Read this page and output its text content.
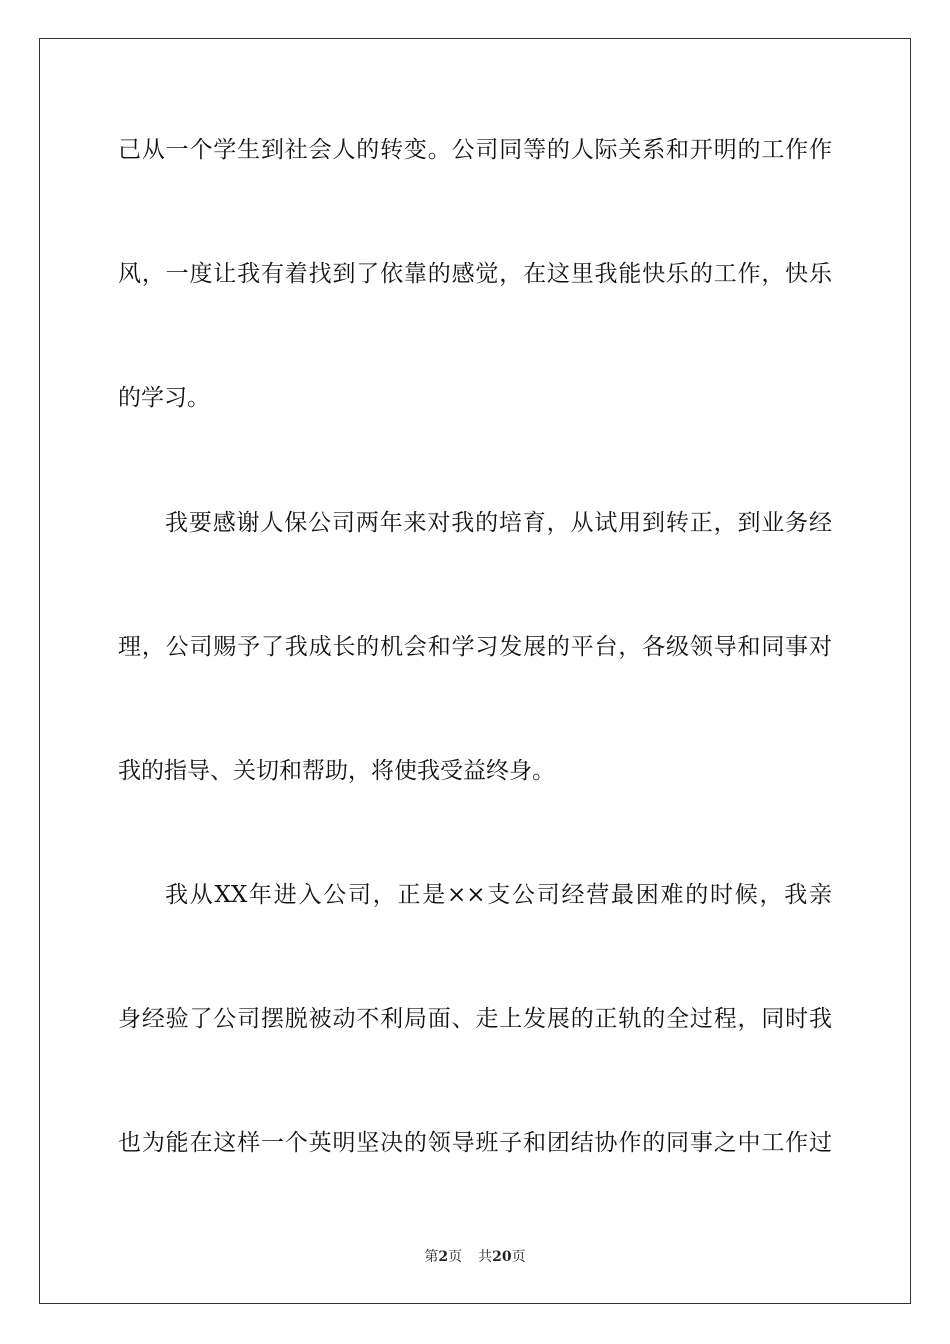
己从一个学生到社会人的转变。公司同等的人际关系和开明的工作作
风，一度让我有着找到了依靠的感觉，在这里我能快乐的工作，快乐
的学习。
我要感谢人保公司两年来对我的培育，从试用到转正，到业务经
理，公司赐予了我成长的机会和学习发展的平台，各级领导和同事对
我的指导、关切和帮助，将使我受益终身。
我从XX年进入公司，正是××支公司经营最困难的时候，我亲
身经验了公司摆脱被动不利局面、走上发展的正轨的全过程，同时我
也为能在这样一个英明坚决的领导班子和团结协作的同事之中工作过
第2页 共20页
